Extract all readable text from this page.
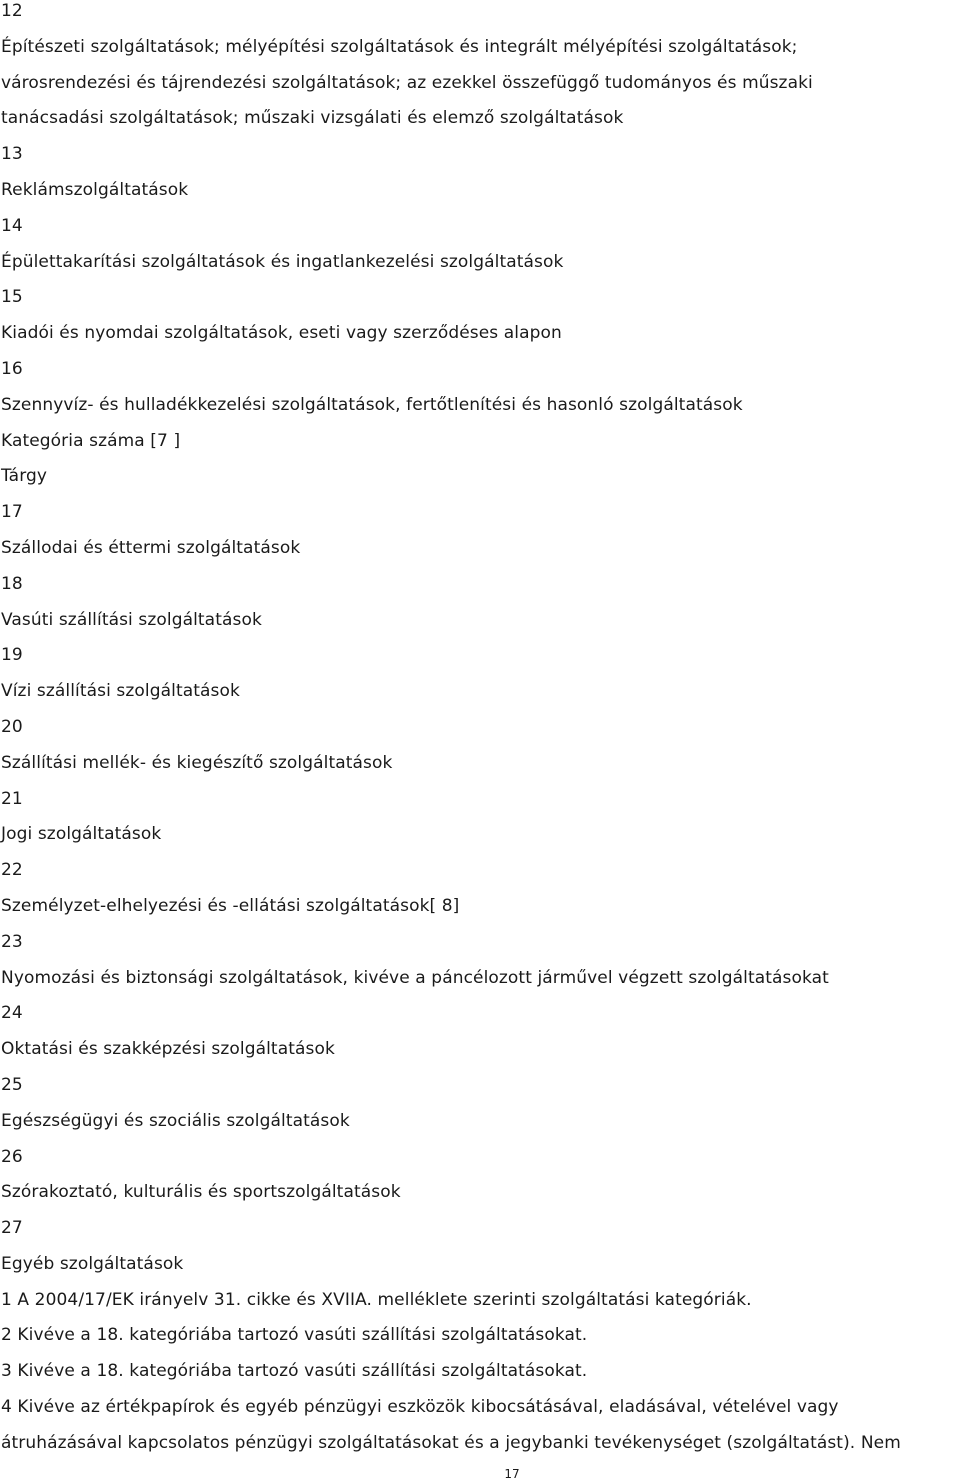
12
Építészeti szolgáltatások; mélyépítési szolgáltatások és integrált mélyépítési szolgáltatások;
városrendezési és tájrendezési szolgáltatások; az ezekkel összefüggő tudományos és műszaki
tanácsadási szolgáltatások; műszaki vizsgálati és elemző szolgáltatások
13
Reklámszolgáltatások
14
Épülettakarítási szolgáltatások és ingatlankezelési szolgáltatások
15
Kiadói és nyomdai szolgáltatások, eseti vagy szerződéses alapon
16
Szennyvíz- és hulladékkezelési szolgáltatások, fertőtlenítési és hasonló szolgáltatások
Kategória száma [7 ]
Tárgy
17
Szállodai és éttermi szolgáltatások
18
Vasúti szállítási szolgáltatások
19
Vízi szállítási szolgáltatások
20
Szállítási mellék- és kiegészítő szolgáltatások
21
Jogi szolgáltatások
22
Személyzet-elhelyezési és -ellátási szolgáltatások[ 8]
23
Nyomozási és biztonsági szolgáltatások, kivéve a páncélozott járművel végzett szolgáltatásokat
24
Oktatási és szakképzési szolgáltatások
25
Egészségügyi és szociális szolgáltatások
26
Szórakoztató, kulturális és sportszolgáltatások
27
Egyéb szolgáltatások
1 A 2004/17/EK irányelv 31. cikke és XVIIA. melléklete szerinti szolgáltatási kategóriák.
2 Kivéve a 18. kategóriába tartozó vasúti szállítási szolgáltatásokat.
3 Kivéve a 18. kategóriába tartozó vasúti szállítási szolgáltatásokat.
4 Kivéve az értékpapírok és egyéb pénzügyi eszközök kibocsátásával, eladásával, vételével vagy
átruházásával kapcsolatos pénzügyi szolgáltatásokat és a jegybanki tevékenységet (szolgáltatást). Nem
17
